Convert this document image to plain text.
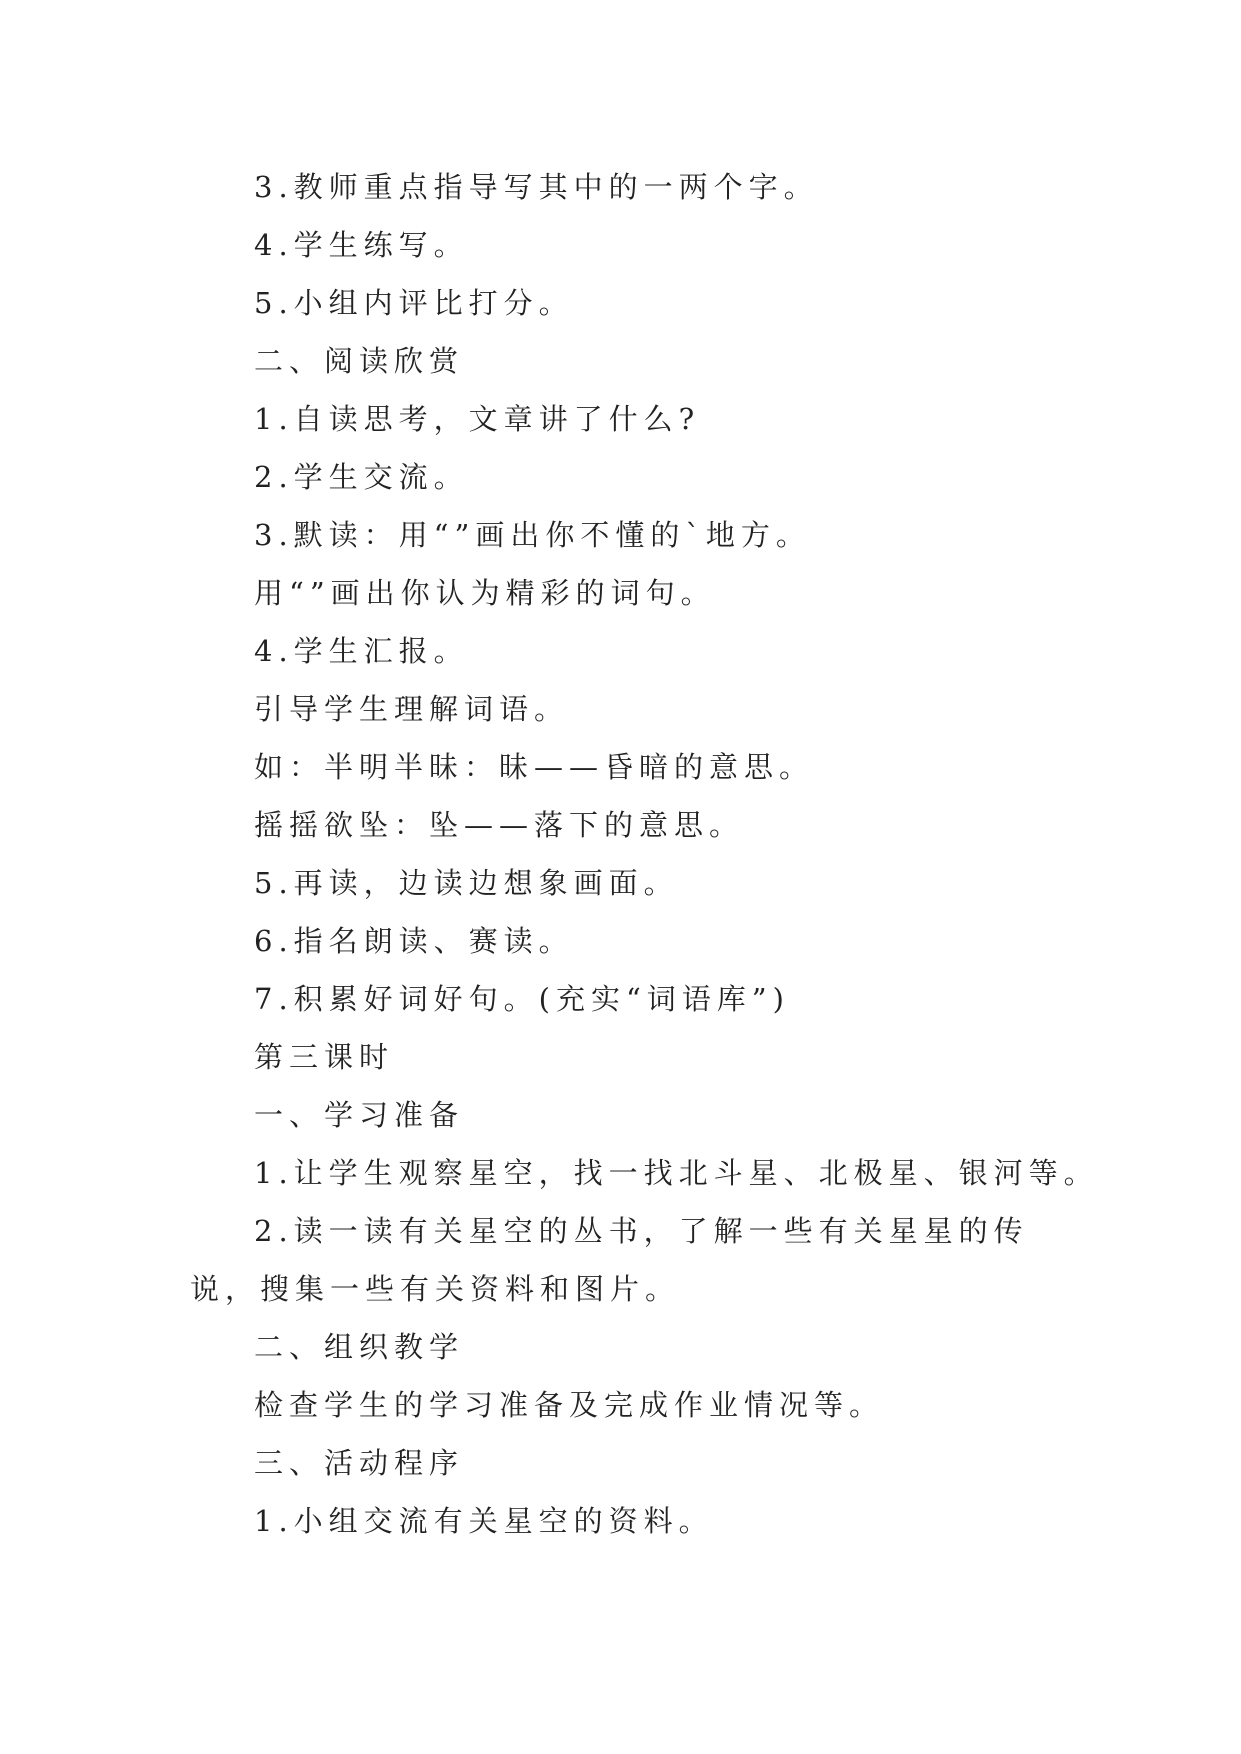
3.教师重点指导写其中的一两个字。
4.学生练写。
5.小组内评比打分。
二、阅读欣赏
1.自读思考，文章讲了什么?
2.学生交流。
3.默读：用“”画出你不懂的`地方。
用“”画出你认为精彩的词句。
4.学生汇报。
引导学生理解词语。
如：半明半昧：昧——昏暗的意思。
摇摇欲坠：坠——落下的意思。
5.再读，边读边想象画面。
6.指名朗读、赛读。
7.积累好词好句。(充实“词语库”)
第三课时
一、学习准备
1.让学生观察星空，找一找北斗星、北极星、银河等。
2.读一读有关星空的丛书，了解一些有关星星的传说，搜集一些有关资料和图片。
二、组织教学
检查学生的学习准备及完成作业情况等。
三、活动程序
1.小组交流有关星空的资料。
